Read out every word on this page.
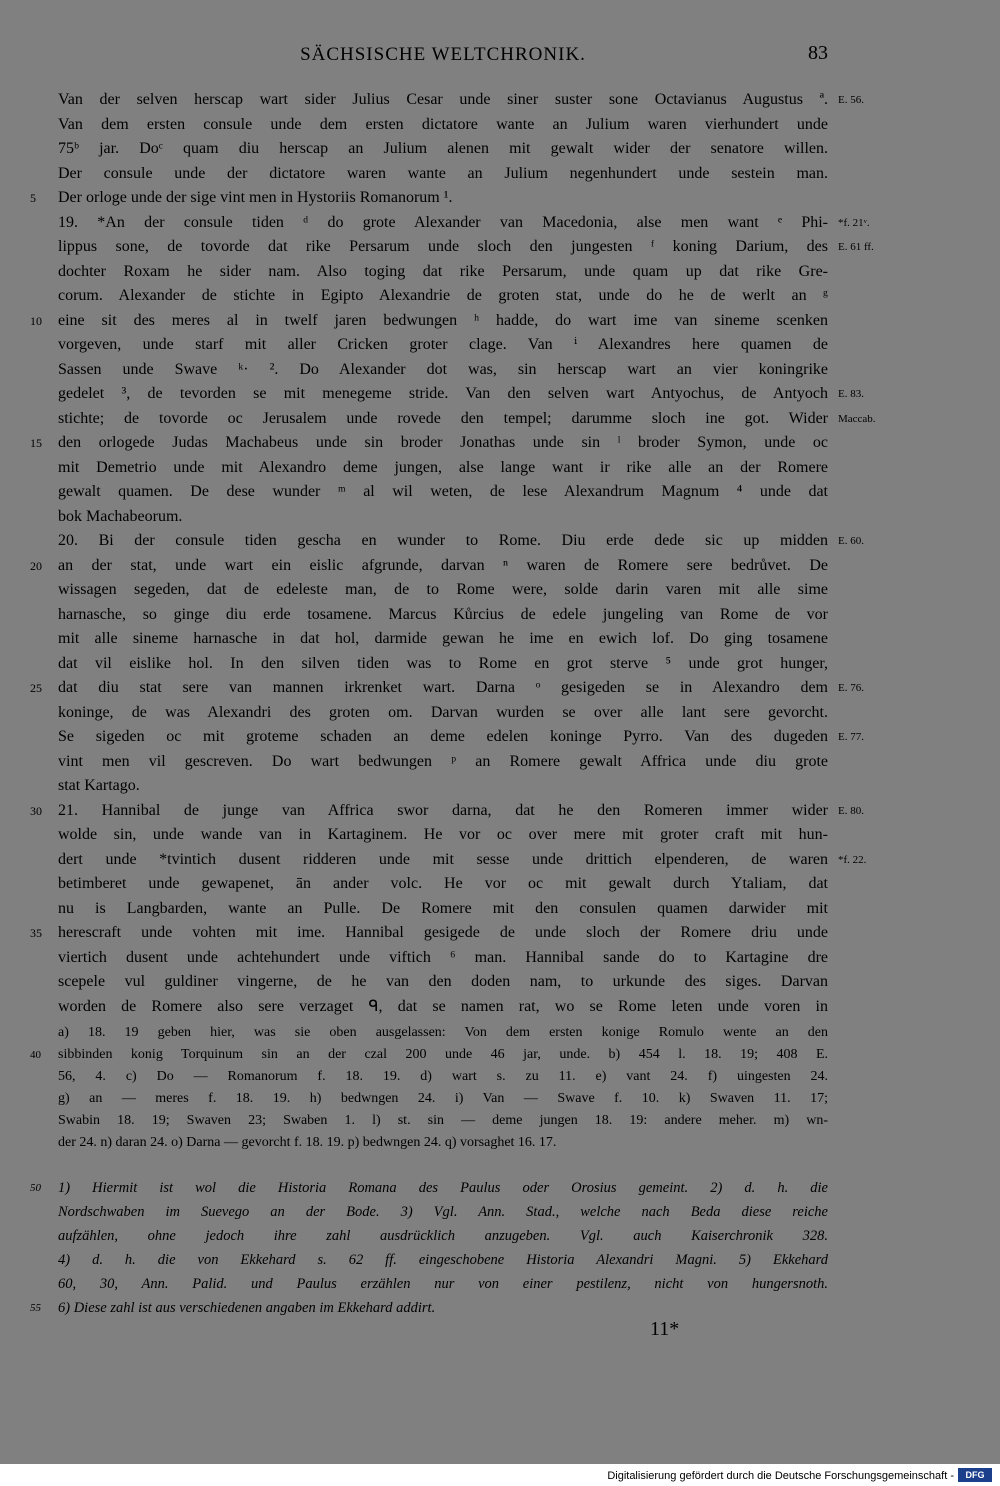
SÄCHSISCHE WELTCHRONIK.	83
Van der selven herscap wart sider Julius Cesar unde siner suster sone Octavianus Augustus ª. E. 56.
Van dem ersten consule unde dem ersten dictatore wante an Julium waren vierhundert unde
75ᵇ jar. Doᶜ quam diu herscap an Julium alenen mit gewalt wider der senatore willen.
Der consule unde der dictatore waren wante an Julium negenhundert unde sestein man.
Der orloge unde der sige vint men in Hystoriis Romanorum ¹.
5
19. *An der consule tiden ᵈ do grote Alexander van Macedonia, alse men want ᵉ Phi- *f. 21ᵛ.
lippus sone, de tovorde dat rike Persarum unde sloch den jungesten ᶠ koning Darium, des E. 61 ff.
dochter Roxam he sider nam. Also toging dat rike Persarum, unde quam up dat rike Gre-
corum. Alexander de stichte in Egipto Alexandrie de groten stat, unde do he de werlt an ᵍ
eine sit des meres al in twelf jaren bedwungen ʰ hadde, do wart ime van sineme scenken
10
vorgeven, unde starf mit aller Cricken groter clage. Van ⁱ Alexandres here quamen de
Sassen unde Swave ᵏ· ². Do Alexander dot was, sin herscap wart an vier koningrike
gedelet ³, de tevorden se mit menegeme stride. Van den selven wart Antyochus, de Antyoch E. 83.
stichte; de tovorde oc Jerusalem unde rovede den tempel; darumme sloch ine got. Wider Maccab.
den orlogede Judas Machabeus unde sin broder Jonathas unde sin ˡ broder Symon, unde oc
15
mit Demetrio unde mit Alexandro deme jungen, alse lange want ir rike alle an der Romere
gewalt quamen. De dese wunder ᵐ al wil weten, de lese Alexandrum Magnum ⁴ unde dat
bok Machabeorum.
20. Bi der consule tiden gescha en wunder to Rome. Diu erde dede sic up midden E. 60.
an der stat, unde wart ein eislic afgrunde, darvan ⁿ waren de Romere sere bedrůvet. De
20
wissagen segeden, dat de edeleste man, de to Rome were, solde darin varen mit alle sime
harnasche, so ginge diu erde tosamene. Marcus Kůrcius de edele jungeling van Rome de vor
mit alle sineme harnasche in dat hol, darmide gewan he ime en ewich lof. Do ging tosamene
dat vil eislike hol. In den silven tiden was to Rome en grot sterve ⁵ unde grot hunger,
dat diu stat sere van mannen irkrenket wart. Darna ᵒ gesigeden se in Alexandro dem
25	E. 76.
koninge, de was Alexandri des groten om. Darvan wurden se over alle lant sere gevorcht.
Se sigeden oc mit groteme schaden an deme edelen koninge Pyrro. Van des dugeden E. 77.
vint men vil gescreven. Do wart bedwungen ᵖ an Romere gewalt Affrica unde diu grote
stat Kartago.
21. Hannibal de junge van Affrica swor darna, dat he den Romeren immer wider
30	E. 80.
wolde sin, unde wande van in Kartaginem. He vor oc over mere mit groter craft mit hun-
dert unde *tvintich dusent ridderen unde mit sesse unde drittich elpenderen, de waren *f. 22.
betimberet unde gewapenet, ān ander volc. He vor oc mit gewalt durch Ytaliam, dat
nu is Langbarden, wante an Pulle. De Romere mit den consulen quamen darwider mit
herescraft unde vohten mit ime. Hannibal gesigede de unde sloch der Romere driu unde
35
viertich dusent unde achtehundert unde viftich ⁶ man. Hannibal sande do to Kartagine dre
scepele vul guldiner vingerne, de he van den doden nam, to urkunde des siges. Darvan
worden de Romere also sere verzaget ᑫ, dat se namen rat, wo se Rome leten unde voren in
a) 18. 19 geben hier, was sie oben ausgelassen: Von dem ersten konige Romulo wente an den
sibbinden konig Torquinum sin an der czal 200 unde 46 jar, unde. b) 454 l. 18. 19; 408 E.
40
56, 4. c) Do — Romanorum f. 18. 19. d) wart s. zu 11. e) vant 24. f) uingesten 24.
g) an — meres f. 18. 19. h) bedwngen 24. i) Van — Swave f. 10. k) Swaven 11. 17;
Swabin 18. 19; Swaven 23; Swaben 1. l) st. sin — deme jungen 18. 19: andere meher. m) wn-
der 24. n) daran 24. o) Darna — gevorcht f. 18. 19. p) bedwngen 24. q) vorsaghet 16. 17.
1) Hiermit ist wol die Historia Romana des Paulus oder Orosius gemeint. 2) d. h. die
50
Nordschwaben im Suevego an der Bode. 3) Vgl. Ann. Stad., welche nach Beda diese reiche
aufzählen, ohne jedoch ihre zahl ausdrücklich anzugeben. Vgl. auch Kaiserchronik 328.
4) d. h. die von Ekkehard s. 62 ff. eingeschobene Historia Alexandri Magni. 5) Ekkehard
60, 30, Ann. Palid. und Paulus erzählen nur von einer pestilenz, nicht von hungersnoth.
6) Diese zahl ist aus verschiedenen angaben im Ekkehard addirt.
55
11*
Digitalisierung gefördert durch die Deutsche Forschungsgemeinschaft -	DFG
